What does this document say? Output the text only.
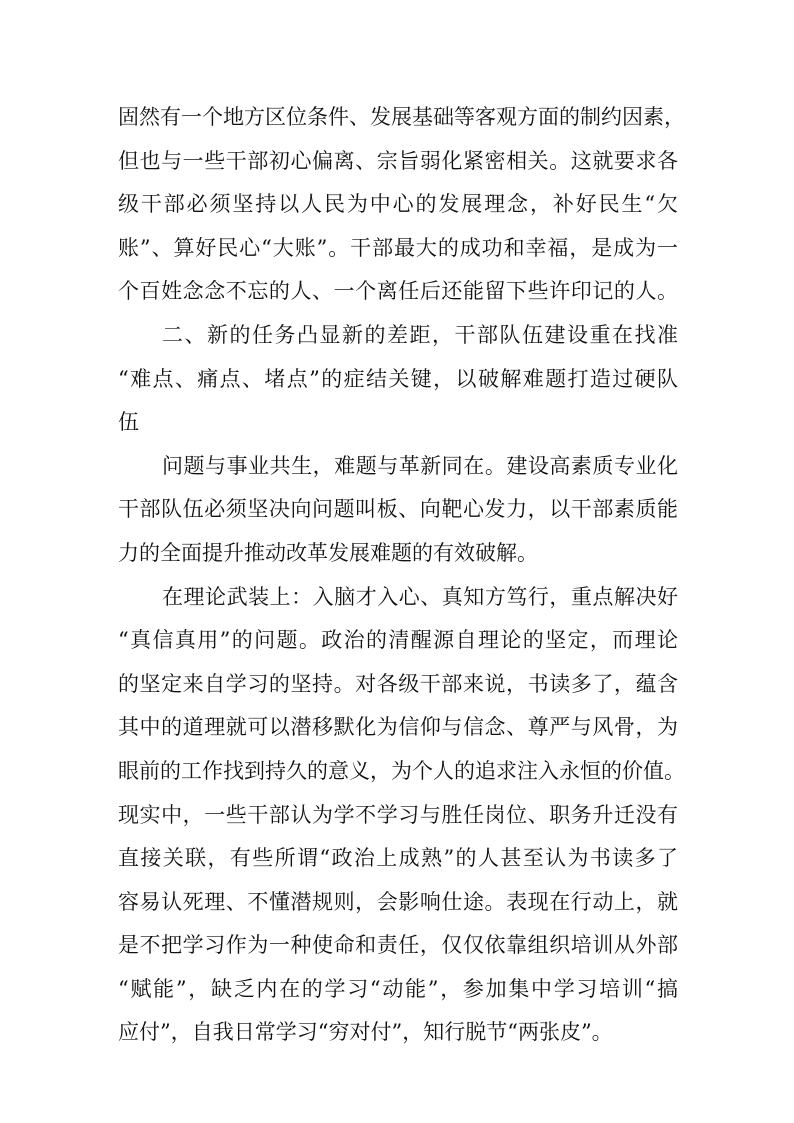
固然有一个地方区位条件、发展基础等客观方面的制约因素，
但也与一些干部初心偏离、宗旨弱化紧密相关。这就要求各
级干部必须坚持以人民为中心的发展理念，补好民生“欠
账”、算好民心“大账”。干部最大的成功和幸福，是成为一
个百姓念念不忘的人、一个离任后还能留下些许印记的人。
二、新的任务凸显新的差距，干部队伍建设重在找准
“难点、痛点、堵点”的症结关键，以破解难题打造过硬队
伍
问题与事业共生，难题与革新同在。建设高素质专业化
干部队伍必须坚决向问题叫板、向靶心发力，以干部素质能
力的全面提升推动改革发展难题的有效破解。
在理论武装上：入脑才入心、真知方笃行，重点解决好
“真信真用”的问题。政治的清醒源自理论的坚定，而理论
的坚定来自学习的坚持。对各级干部来说，书读多了，蕴含
其中的道理就可以潜移默化为信仰与信念、尊严与风骨，为
眼前的工作找到持久的意义，为个人的追求注入永恒的价值。
现实中，一些干部认为学不学习与胜任岗位、职务升迁没有
直接关联，有些所谓“政治上成熟”的人甚至认为书读多了
容易认死理、不懂潜规则，会影响仕途。表现在行动上，就
是不把学习作为一种使命和责任，仅仅依靠组织培训从外部
“赋能”，缺乏内在的学习“动能”，参加集中学习培训“搞
应付”，自我日常学习“穷对付”，知行脱节“两张皮”。
